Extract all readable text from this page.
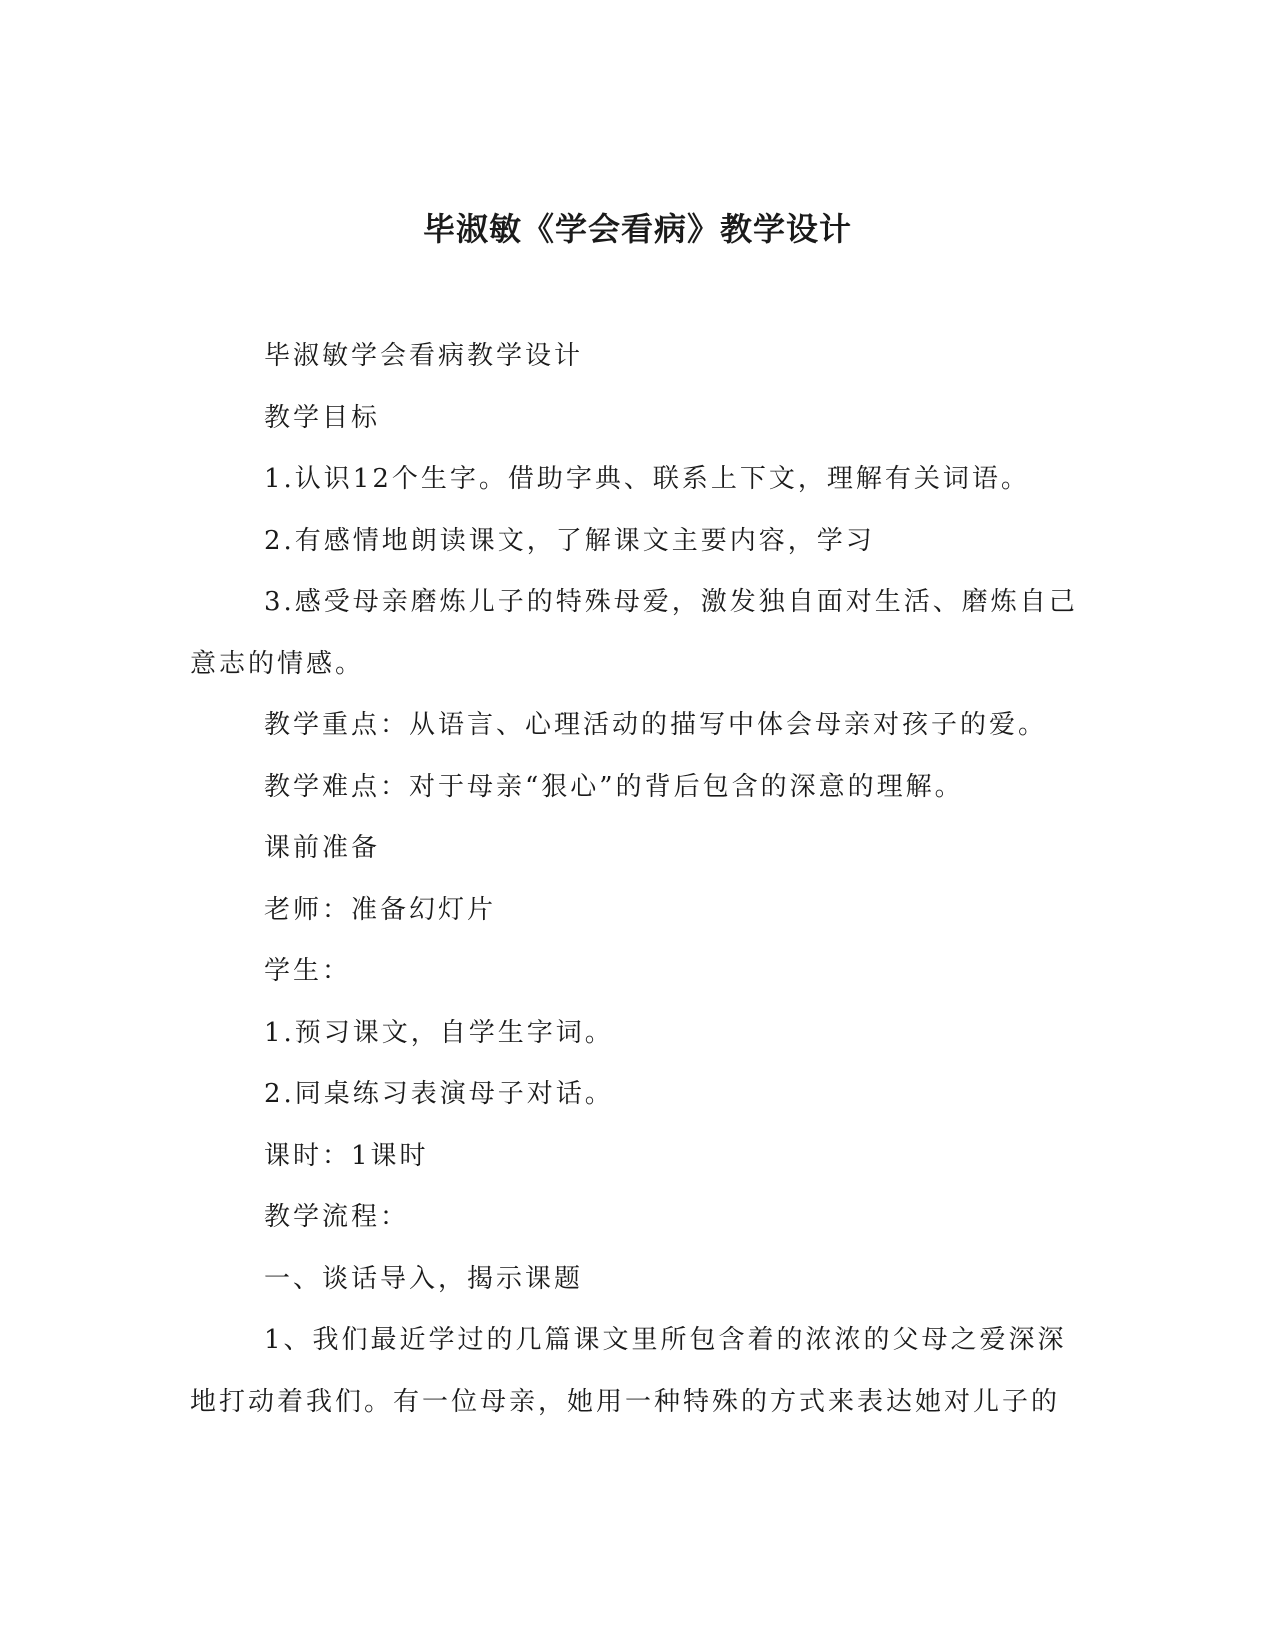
毕淑敏《学会看病》教学设计

毕淑敏学会看病教学设计

教学目标

1.认识12个生字。借助字典、联系上下文，理解有关词语。

2.有感情地朗读课文，了解课文主要内容，学习

3.感受母亲磨炼儿子的特殊母爱，激发独自面对生活、磨炼自己意志的情感。

教学重点：从语言、心理活动的描写中体会母亲对孩子的爱。

教学难点：对于母亲“狠心”的背后包含的深意的理解。

课前准备

老师：准备幻灯片

学生：

1.预习课文，自学生字词。

2.同桌练习表演母子对话。

课时：1课时

教学流程：

一、谈话导入，揭示课题

1、我们最近学过的几篇课文里所包含着的浓浓的父母之爱深深地打动着我们。有一位母亲，她用一种特殊的方式来表达她对儿子的
